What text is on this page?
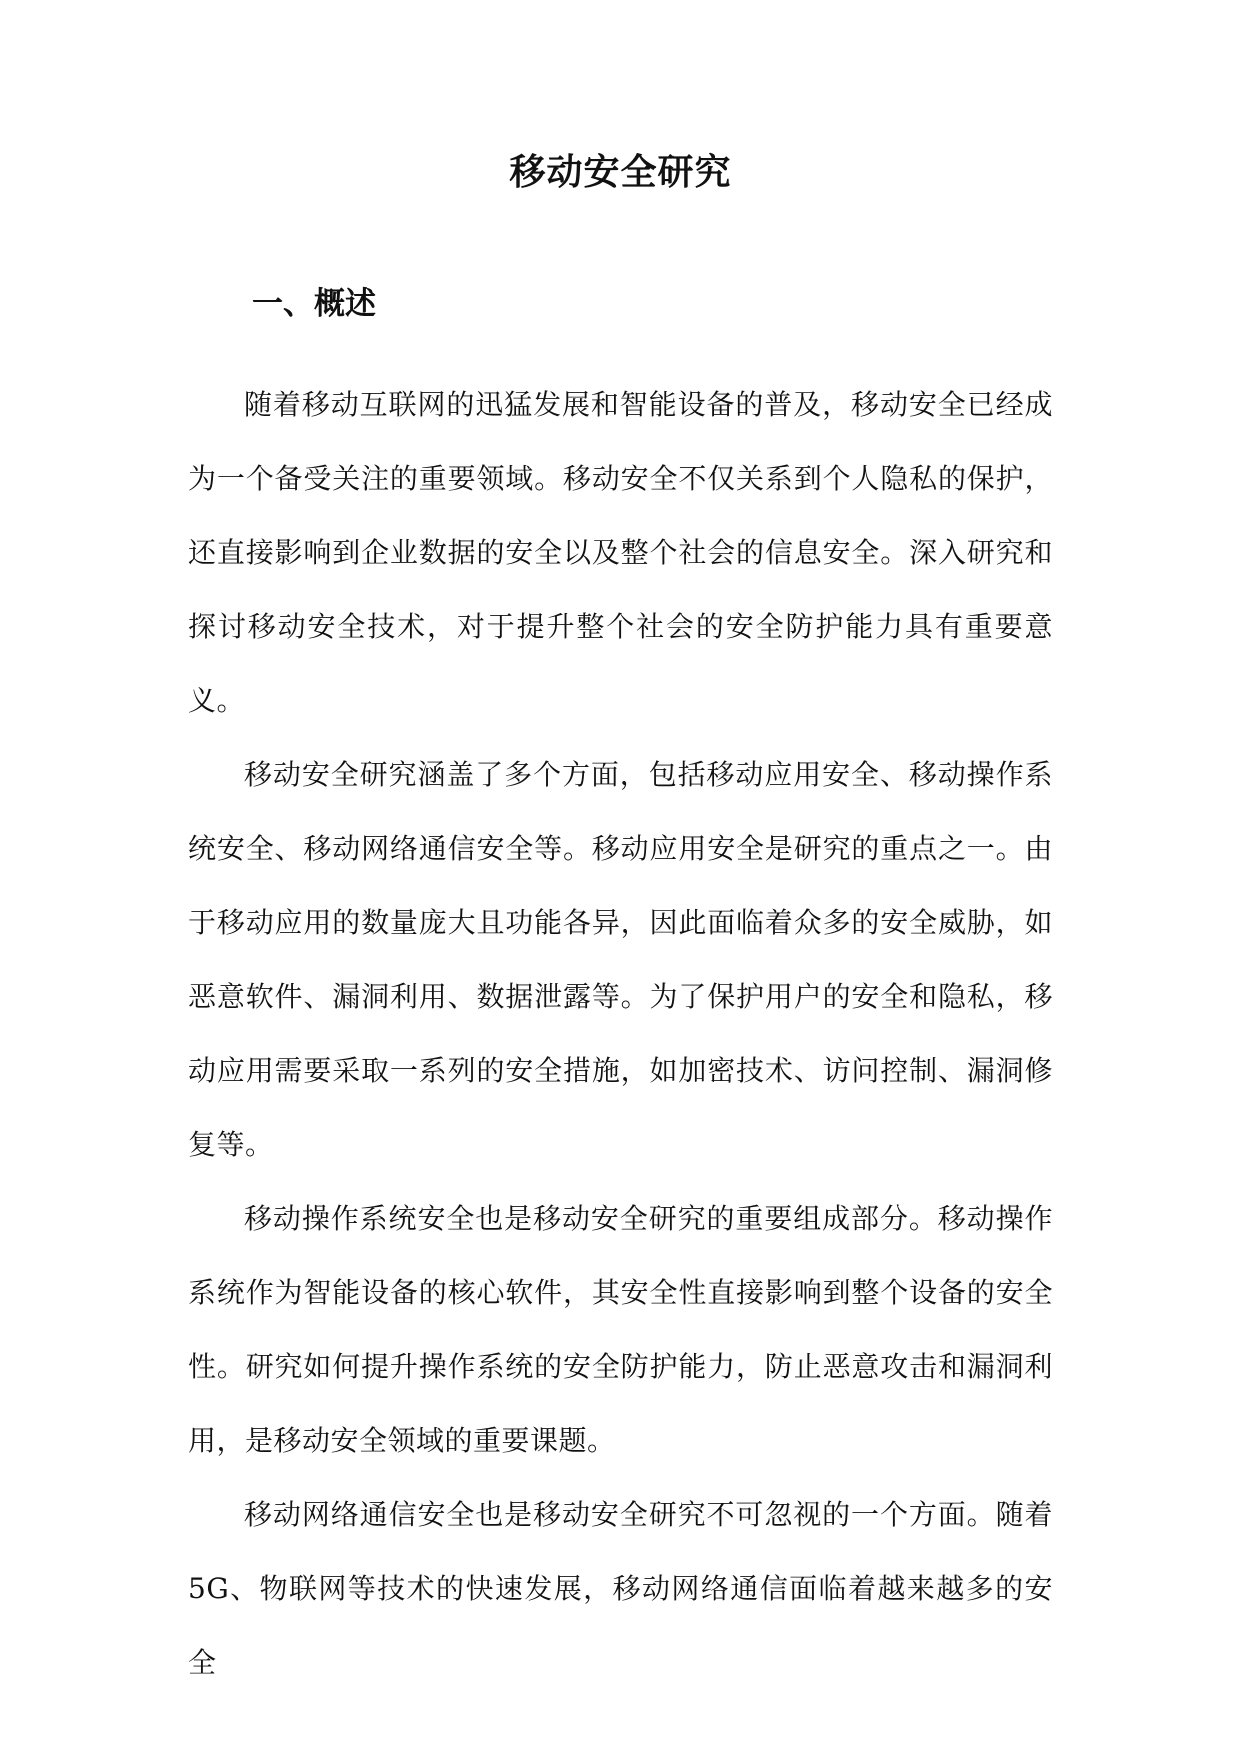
移动安全研究
一、概述

随着移动互联网的迅猛发展和智能设备的普及，移动安全已经成为一个备受关注的重要领域。移动安全不仅关系到个人隐私的保护，还直接影响到企业数据的安全以及整个社会的信息安全。深入研究和探讨移动安全技术，对于提升整个社会的安全防护能力具有重要意义。

移动安全研究涵盖了多个方面，包括移动应用安全、移动操作系统安全、移动网络通信安全等。移动应用安全是研究的重点之一。由于移动应用的数量庞大且功能各异，因此面临着众多的安全威胁，如恶意软件、漏洞利用、数据泄露等。为了保护用户的安全和隐私，移动应用需要采取一系列的安全措施，如加密技术、访问控制、漏洞修复等。

移动操作系统安全也是移动安全研究的重要组成部分。移动操作系统作为智能设备的核心软件，其安全性直接影响到整个设备的安全性。研究如何提升操作系统的安全防护能力，防止恶意攻击和漏洞利用，是移动安全领域的重要课题。

移动网络通信安全也是移动安全研究不可忽视的一个方面。随着5G、物联网等技术的快速发展，移动网络通信面临着越来越多的安全
